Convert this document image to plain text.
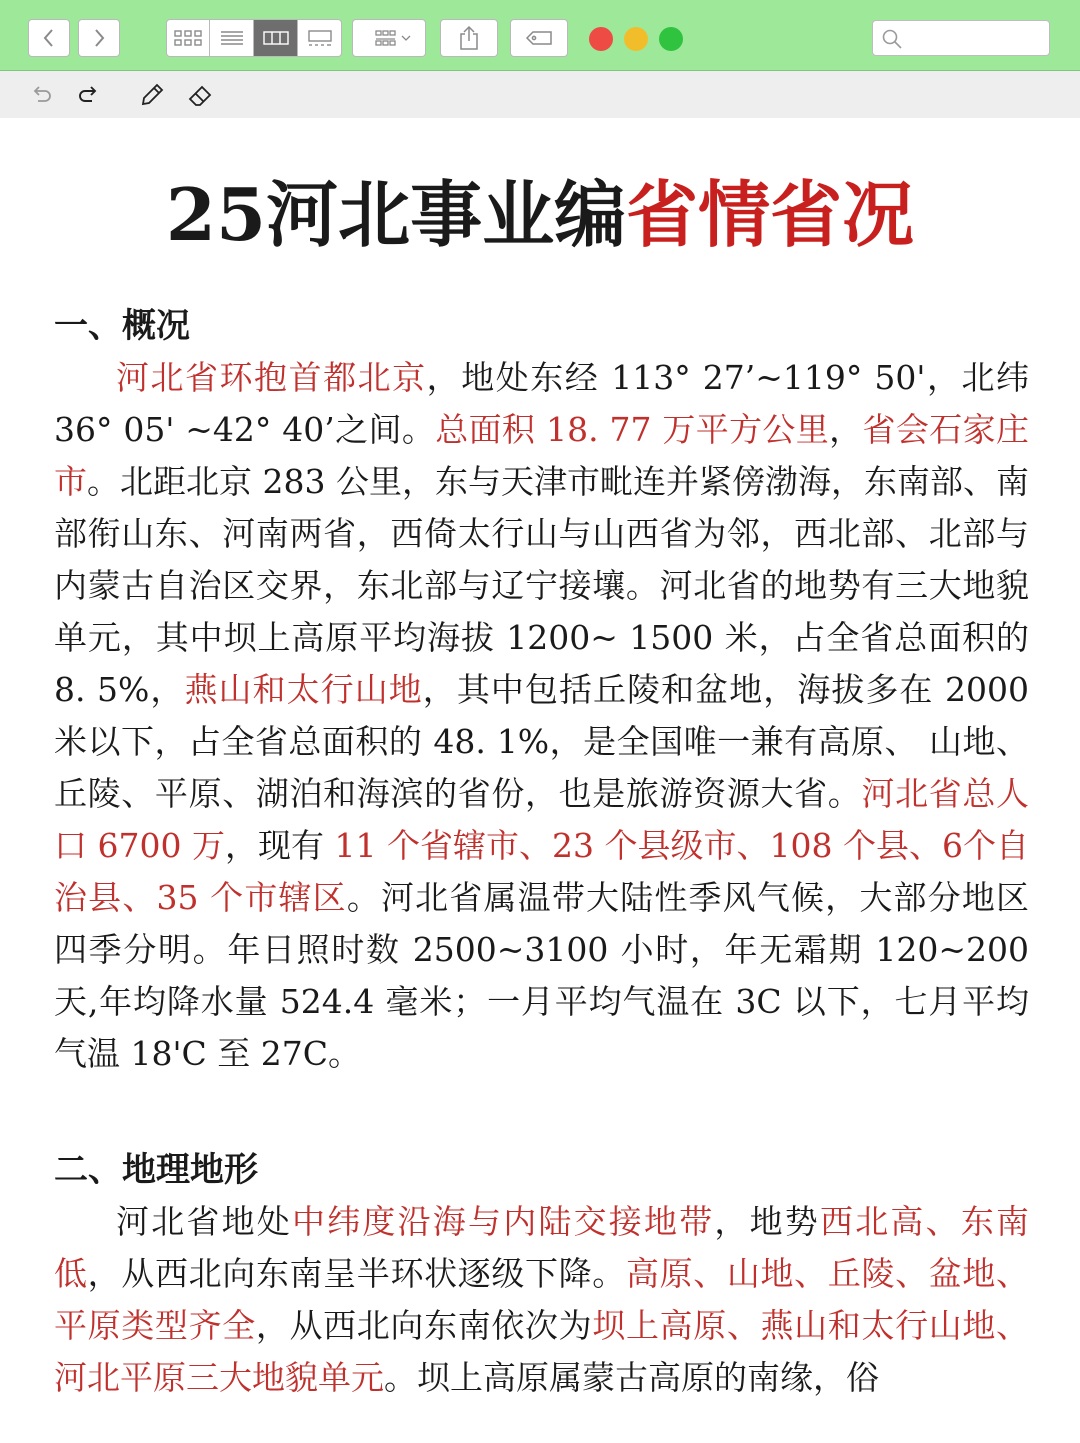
25河北事业编省情省况
一、概况

河北省环抱首都北京，地处东经 113° 27’~119° 50'，北纬 36° 05' ~42° 40’之间。总面积 18. 77 万平方公里，省会石家庄市。北距北京 283 公里，东与天津市毗连并紧傍渤海，东南部、南部衔山东、河南两省，西倚太行山与山西省为邻，西北部、北部与内蒙古自治区交界，东北部与辽宁接壤。河北省的地势有三大地貌单元，其中坝上高原平均海拔 1200~ 1500 米，占全省总面积的 8. 5%，燕山和太行山地，其中包括丘陵和盆地，海拔多在 2000 米以下，占全省总面积的 48. 1%，是全国唯一兼有高原、 山地、丘陵、平原、湖泊和海滨的省份，也是旅游资源大省。河北省总人口 6700 万，现有 11 个省辖市、23 个县级市、108 个县、6个自治县、35 个市辖区。河北省属温带大陆性季风气候，大部分地区四季分明。年日照时数 2500~3100 小时，年无霜期 120~200 天,年均降水量 524.4 毫米；一月平均气温在 3C 以下，七月平均气温 18'C 至 27C。

二、地理地形

河北省地处中纬度沿海与内陆交接地带，地势西北高、东南低，从西北向东南呈半环状逐级下降。高原、山地、丘陵、盆地、平原类型齐全，从西北向东南依次为坝上高原、燕山和太行山地、河北平原三大地貌单元。坝上高原属蒙古高原的南缘，俗
